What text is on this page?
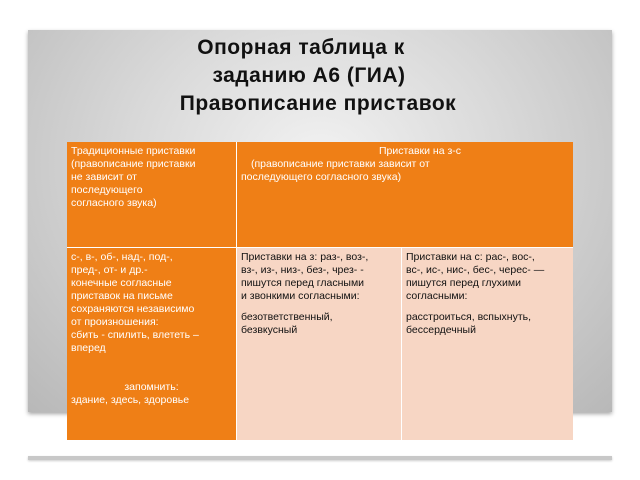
Опорная таблица к
заданию А6 (ГИА)
Правописание приставок

Традиционные приставки

(правописание приставки

не зависит от

последующего

согласного звука)

Приставки на з-с

(правописание приставки зависит от

последующего согласного звука)

с-, в-, об-, над-, под-,

пред-, от- и др.-

конечные согласные

приставок на письме

сохраняются независимо

от произношения:

сбить - спилить, влететь –

вперед

запомнить:

здание, здесь, здоровье

Приставки на з: раз-, воз-,

вз-, из-, низ-, без-, чрез- -

пишутся перед гласными

и звонкими согласными:

безответственный,

безвкусный

Приставки на с: рас-, вос-,

вс-, ис-, нис-, бес-, черес- —

пишутся перед глухими

согласными:

расстроиться, вспыхнуть,

бессердечный
